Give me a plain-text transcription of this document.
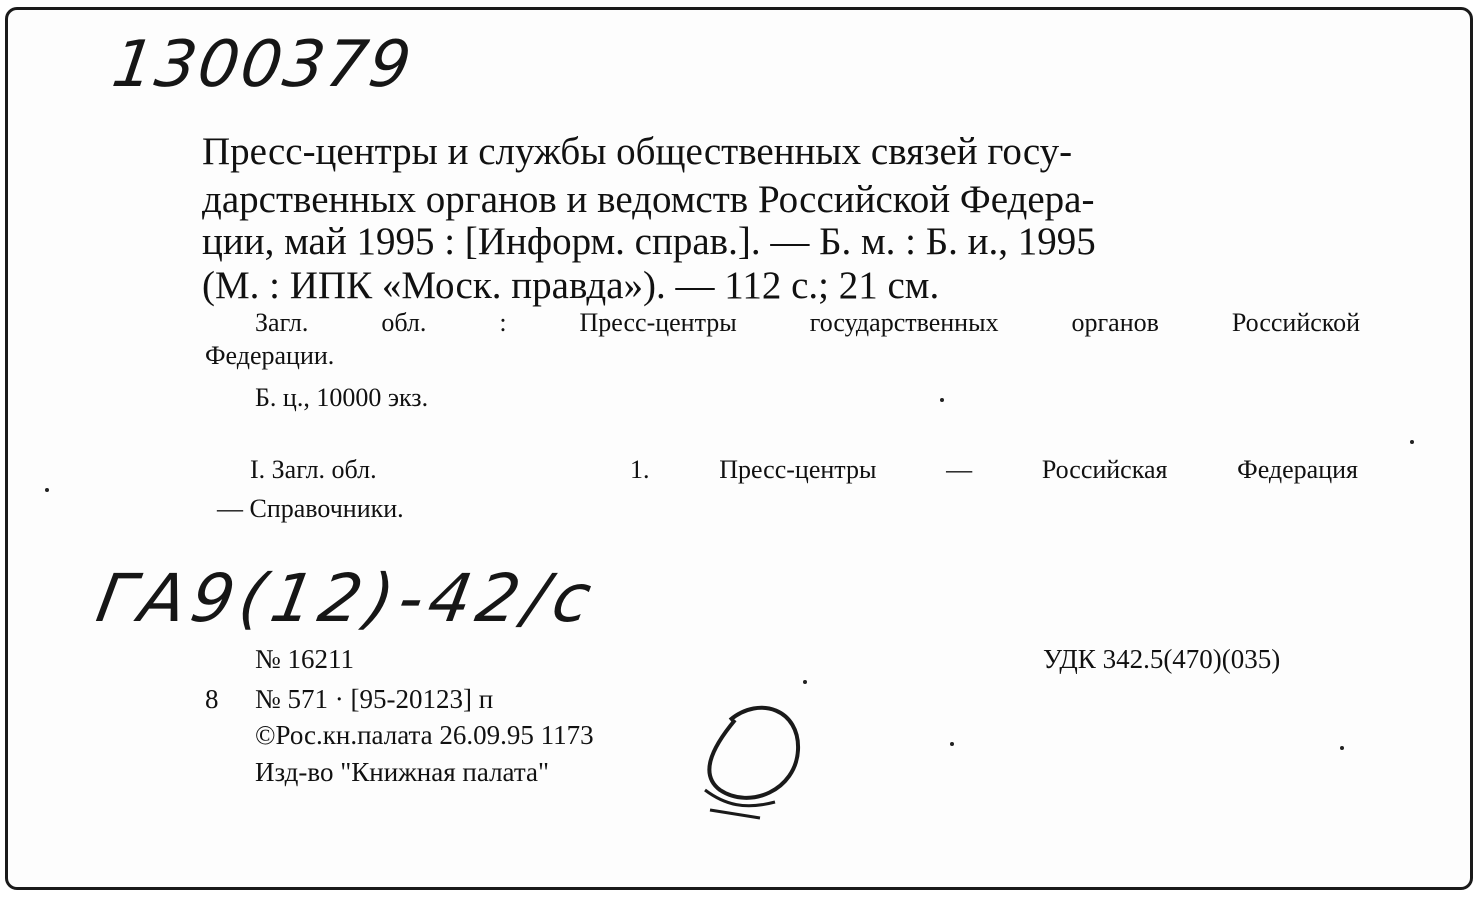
1300379
Пресс-центры и службы общественных связей госу-
дарственных органов и ведомств Российской Федера-
ции, май 1995 : [Информ. справ.]. — Б. м. : Б. и., 1995
(М. : ИПК «Моск. правда»). — 112 с.; 21 см.
Загл. обл. : Пресс-центры государственных органов Российской
Федерации.
Б. ц., 10000 экз.
I. Загл. обл.	1. Пресс-центры — Российская Федерация
— Справочники.
ГА9(12)-42/с
№ 16211	УДК 342.5(470)(035)
8 № 571 · [95-20123] п
©Рос.кн.палата 26.09.95 1173
Изд-во "Книжная палата"
